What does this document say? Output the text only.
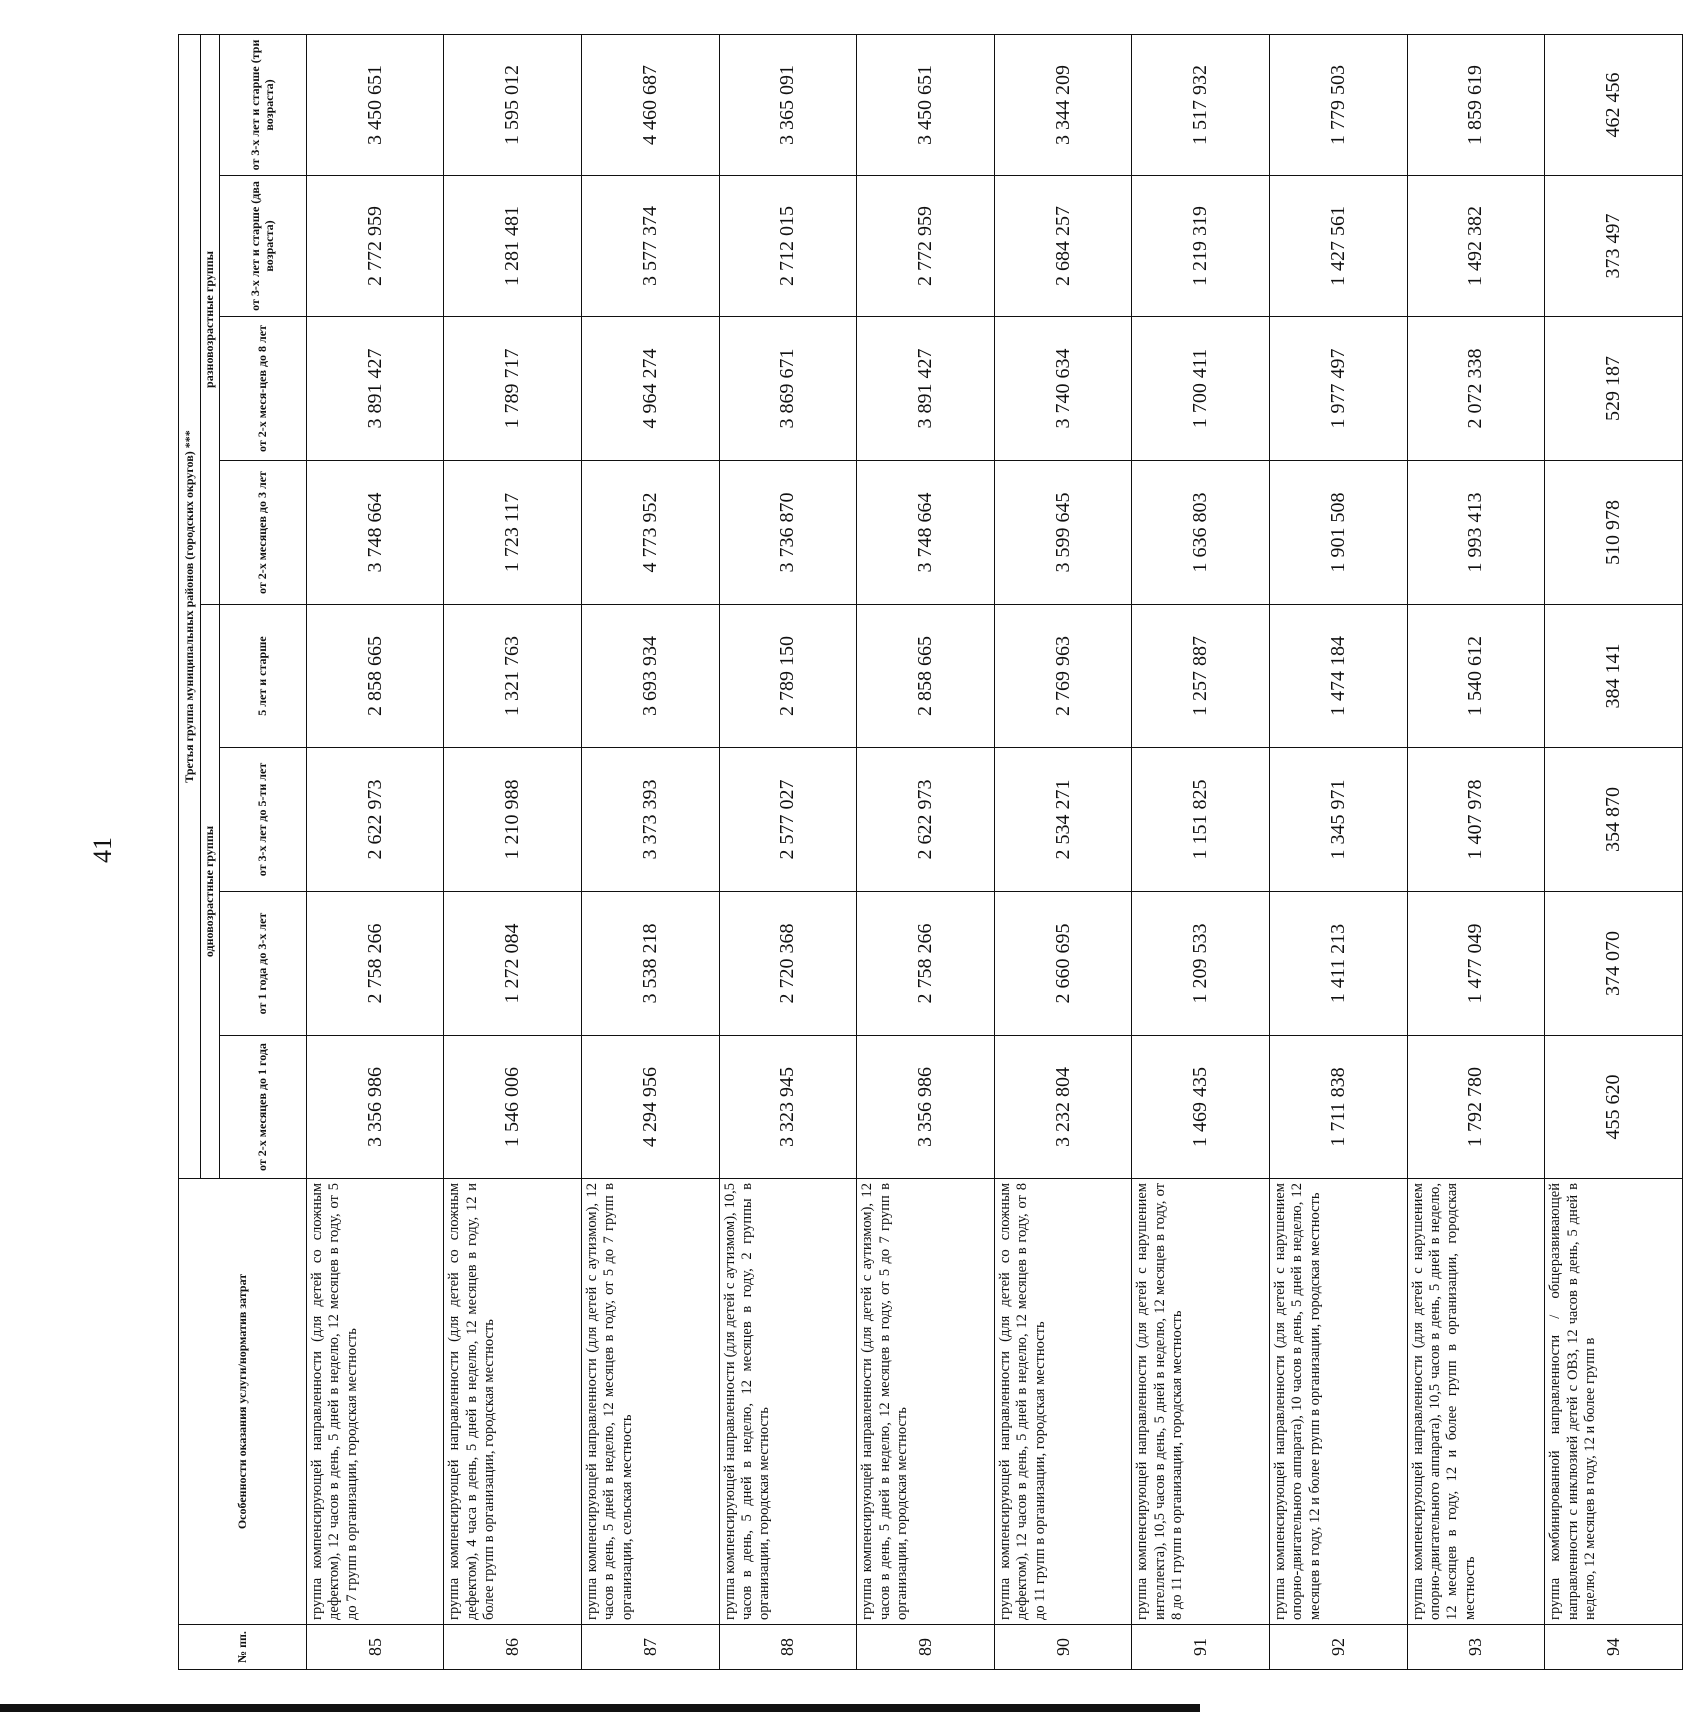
41
№ пп.	Особенности оказания услуги/норматив затрат	Третья группа муниципальных районов (городских округов) ***							
		одновозрастные группы				разновозрастные группы			
		от 2-х месяцев до 1 года	от 1 года до 3-х лет	от 3-х лет до 5-ти лет	5 лет и старше	от 2-х месяцев до 3 лет	от 2-х меся-цев до 8 лет	от 3-х лет и старше (два возраста)	от 3-х лет и старше (три возраста)
85	группа компенсирующей направленности (для детей со сложным дефектом), 12 часов в день, 5 дней в неделю, 12 месяцев в году, от 5 до 7 групп в организации, городская местность	3 356 986	2 758 266	2 622 973	2 858 665	3 748 664	3 891 427	2 772 959	3 450 651
86	группа компенсирующей направленности (для детей со сложным дефектом), 4 часа в день, 5 дней в неделю, 12 месяцев в году, 12 и более групп в организации, городская местность	1 546 006	1 272 084	1 210 988	1 321 763	1 723 117	1 789 717	1 281 481	1 595 012
87	группа компенсирующей направленности (для детей с аутизмом), 12 часов в день, 5 дней в неделю, 12 месяцев в году, от 5 до 7 групп в организации, сельская местность	4 294 956	3 538 218	3 373 393	3 693 934	4 773 952	4 964 274	3 577 374	4 460 687
88	группа компенсирующей направленности (для детей с аутизмом), 10,5 часов в день, 5 дней в неделю, 12 месяцев в году, 2 группы в организации, городская местность	3 323 945	2 720 368	2 577 027	2 789 150	3 736 870	3 869 671	2 712 015	3 365 091
89	группа компенсирующей направленности (для детей с аутизмом), 12 часов в день, 5 дней в неделю, 12 месяцев в году, от 5 до 7 групп в организации, городская местность	3 356 986	2 758 266	2 622 973	2 858 665	3 748 664	3 891 427	2 772 959	3 450 651
90	группа компенсирующей направленности (для детей со сложным дефектом), 12 часов в день, 5 дней в неделю, 12 месяцев в году, от 8 до 11 групп в организации, городская местность	3 232 804	2 660 695	2 534 271	2 769 963	3 599 645	3 740 634	2 684 257	3 344 209
91	группа компенсирующей направленности (для детей с нарушением интеллекта), 10,5 часов в день, 5 дней в неделю, 12 месяцев в году, от 8 до 11 групп в организации, городская местность	1 469 435	1 209 533	1 151 825	1 257 887	1 636 803	1 700 411	1 219 319	1 517 932
92	группа компенсирующей направленности (для детей с нарушением опорно-двигательного аппарата), 10 часов в день, 5 дней в неделю, 12 месяцев в году, 12 и более групп в организации, городская местность	1 711 838	1 411 213	1 345 971	1 474 184	1 901 508	1 977 497	1 427 561	1 779 503
93	группа компенсирующей направленности (для детей с нарушением опорно-двигательного аппарата), 10,5 часов в день, 5 дней в неделю, 12 месяцев в году, 12 и более групп в организации, городская местность	1 792 780	1 477 049	1 407 978	1 540 612	1 993 413	2 072 338	1 492 382	1 859 619
94	группа комбинированной направленности / общеразвивающей направленности с инклюзией детей с ОВЗ, 12 часов в день, 5 дней в неделю, 12 месяцев в году, 12 и более групп в	455 620	374 070	354 870	384 141	510 978	529 187	373 497	462 456
